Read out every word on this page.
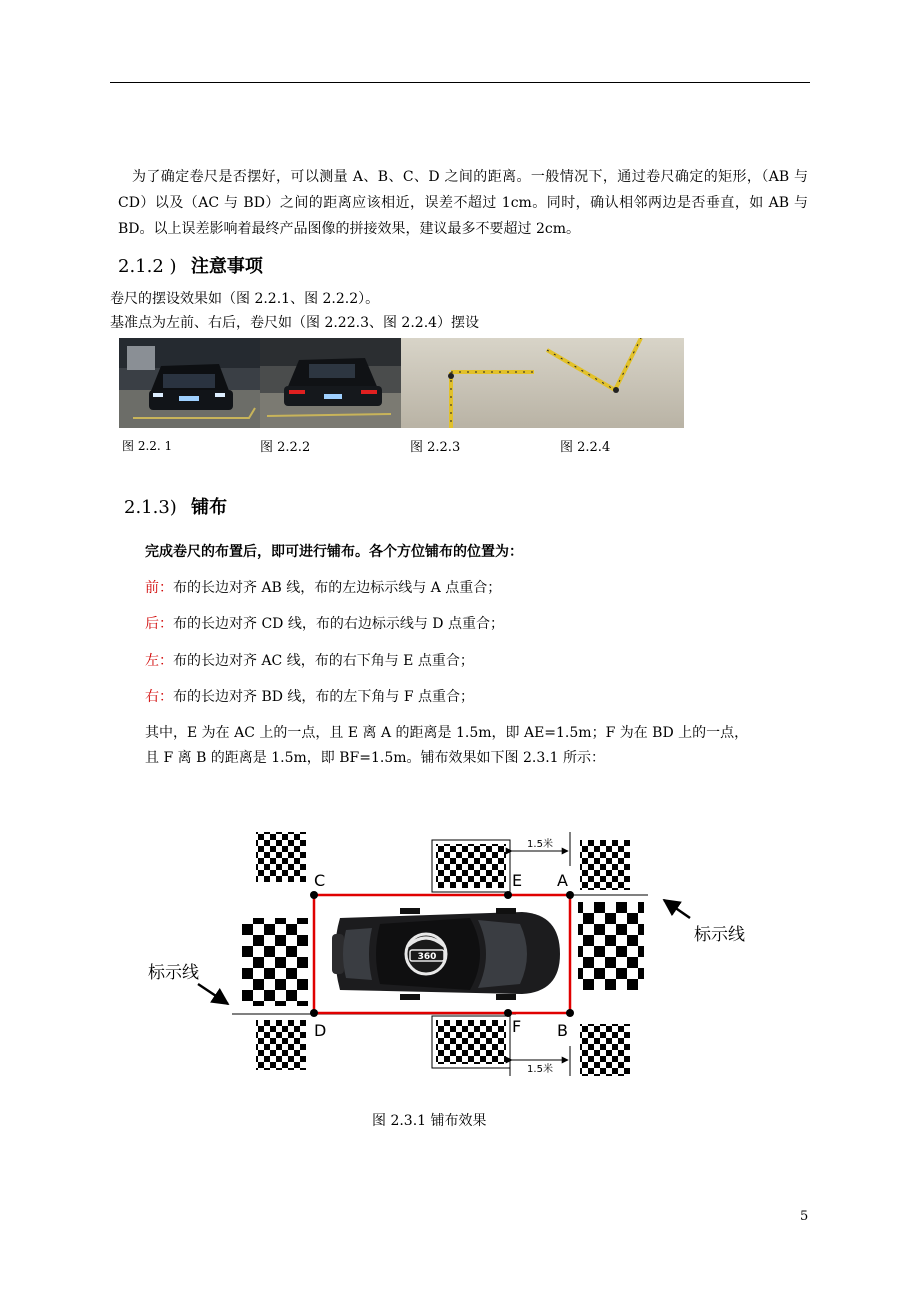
为了确定卷尺是否摆好，可以测量 A、B、C、D 之间的距离。一般情况下，通过卷尺确定的矩形，（AB 与 CD）以及（AC 与 BD）之间的距离应该相近，误差不超过 1cm。同时，确认相邻两边是否垂直，如 AB 与 BD。以上误差影响着最终产品图像的拼接效果，建议最多不要超过 2cm。
2.1.2 ) 注意事项
卷尺的摆设效果如（图 2.2.1、图 2.2.2）。
基准点为左前、右后，卷尺如（图 2.22.3、图 2.2.4）摆设
图 2.2. 1	图 2.2.2	图 2.2.3	图 2.2.4
2.1.3) 铺布
完成卷尺的布置后，即可进行铺布。各个方位铺布的位置为：
前：布的长边对齐 AB 线，布的左边标示线与 A 点重合；
后：布的长边对齐 CD 线，布的右边标示线与 D 点重合；
左：布的长边对齐 AC 线，布的右下角与 E 点重合；
右：布的长边对齐 BD 线，布的左下角与 F 点重合；
其中，E 为在 AC 上的一点，且 E 离 A 的距离是 1.5m，即 AE=1.5m；F 为在 BD 上的一点，
且 F 离 B 的距离是 1.5m，即 BF=1.5m。铺布效果如下图 2.3.1 所示：
1.5米
1.5米
360
C	E A
D	F B
标示线
标示线
图 2.3.1 铺布效果
5
